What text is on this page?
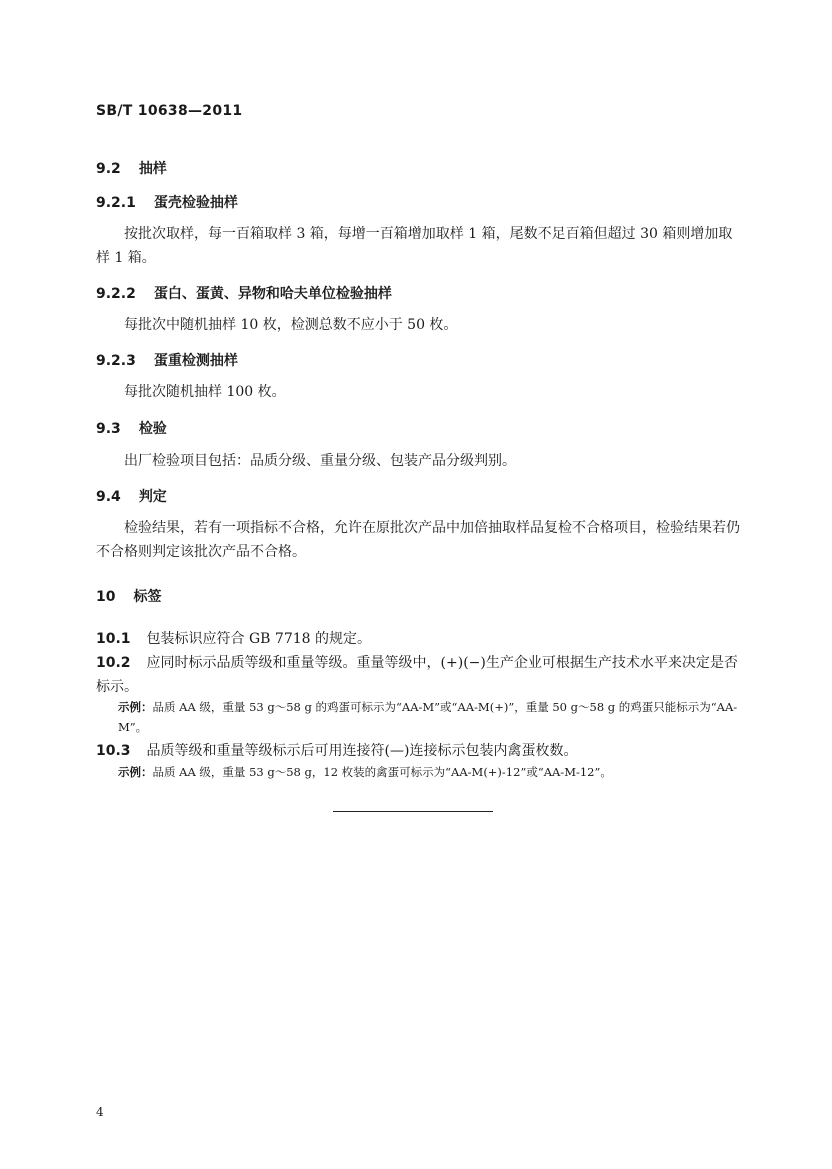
SB/T 10638—2011
9.2 抽样
9.2.1 蛋壳检验抽样
按批次取样，每一百箱取样 3 箱，每增一百箱增加取样 1 箱，尾数不足百箱但超过 30 箱则增加取样 1 箱。
9.2.2 蛋白、蛋黄、异物和哈夫单位检验抽样
每批次中随机抽样 10 枚，检测总数不应小于 50 枚。
9.2.3 蛋重检测抽样
每批次随机抽样 100 枚。
9.3 检验
出厂检验项目包括：品质分级、重量分级、包装产品分级判别。
9.4 判定
检验结果，若有一项指标不合格，允许在原批次产品中加倍抽取样品复检不合格项目，检验结果若仍不合格则判定该批次产品不合格。
10 标签
10.1 包装标识应符合 GB 7718 的规定。
10.2 应同时标示品质等级和重量等级。重量等级中，(+)(−)生产企业可根据生产技术水平来决定是否标示。
示例：品质 AA 级，重量 53 g～58 g 的鸡蛋可标示为“AA-M”或“AA-M(+)”，重量 50 g～58 g 的鸡蛋只能标示为“AA-M”。
10.3 品质等级和重量等级标示后可用连接符(—)连接标示包装内禽蛋枚数。
示例：品质 AA 级，重量 53 g～58 g，12 枚装的禽蛋可标示为“AA-M(+)-12”或“AA-M-12”。
4
